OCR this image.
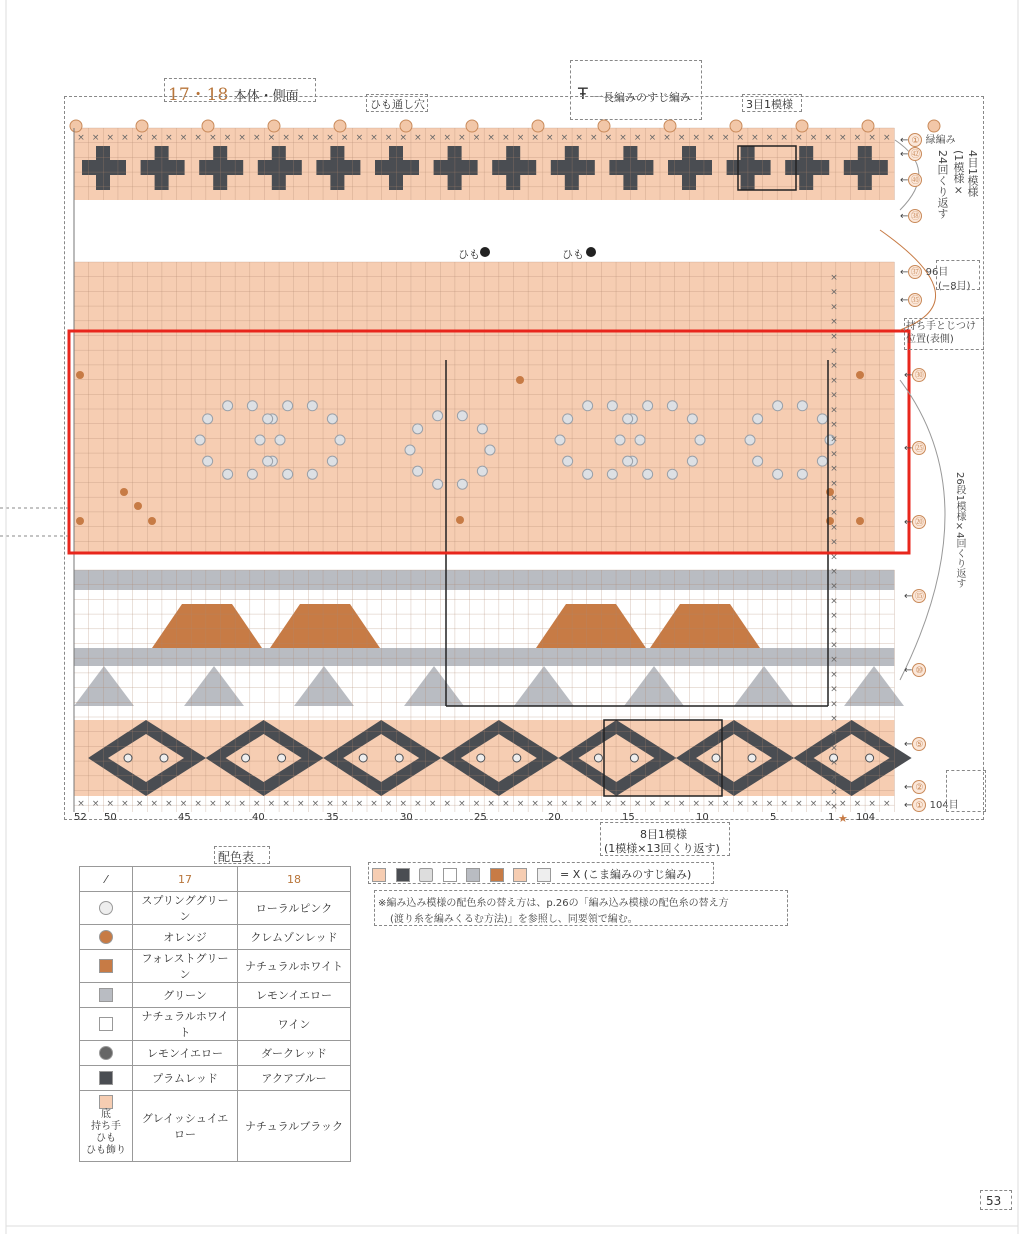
17・18 本体・側面
ひも通し穴
一長編みのすじ編み
Ŧ
3目1模様
ひも	ひも
× × × × × × × × × × × × × × × × × × × × × × × × × × × × × × × × × × × × × × × × × × × × × × × × × × × × × × × ×
× × × × × × × × × × × × × × × × × × × × × × × × × × × × × × × × × × × × × × × × × × × × × × × × × × × × × × × ×
×
×
×
×
×
×
×
×
×
×
×
×
×
×
×
×
×
×
×
×
×
×
×
×
×
×
×
×
×
×
×
×
×
×
×
×
×
← ① 緑編み
← ㊷
← ㊵
← ㊳
4目1模様
(1模様×
24回くり返す
← ㊲ 96目
(−8目)
← ㉟
持ち手とじつけ位置(表側)
← ㉚
← ㉕
← ⑳	26段1模様×4回くり返す
← ⑮
← ⑩
← ⑤
← ②
← ① 104目
52 50	45	40	35	30	25	20	15	10	5	1 104
8目1模様
(1模様×13回くり返す)
★
配色表
⁄	17	18
	スプリンググリーン	ローラルピンク
	オレンジ	クレムゾンレッド
	フォレストグリーン	ナチュラルホワイト
	グリーン	レモンイエロー
	ナチュラルホワイト	ワイン
	レモンイエロー	ダークレッド
	プラムレッド	アクアブルー

底
持ち手
ひも
ひも飾り	グレイッシュイエロー	ナチュラルブラック
= X (こま編みのすじ編み)
※編み込み模様の配色糸の替え方は、p.26の「編み込み模様の配色糸の替え方
(渡り糸を編みくるむ方法)」を参照し、同要領で編む。
53
